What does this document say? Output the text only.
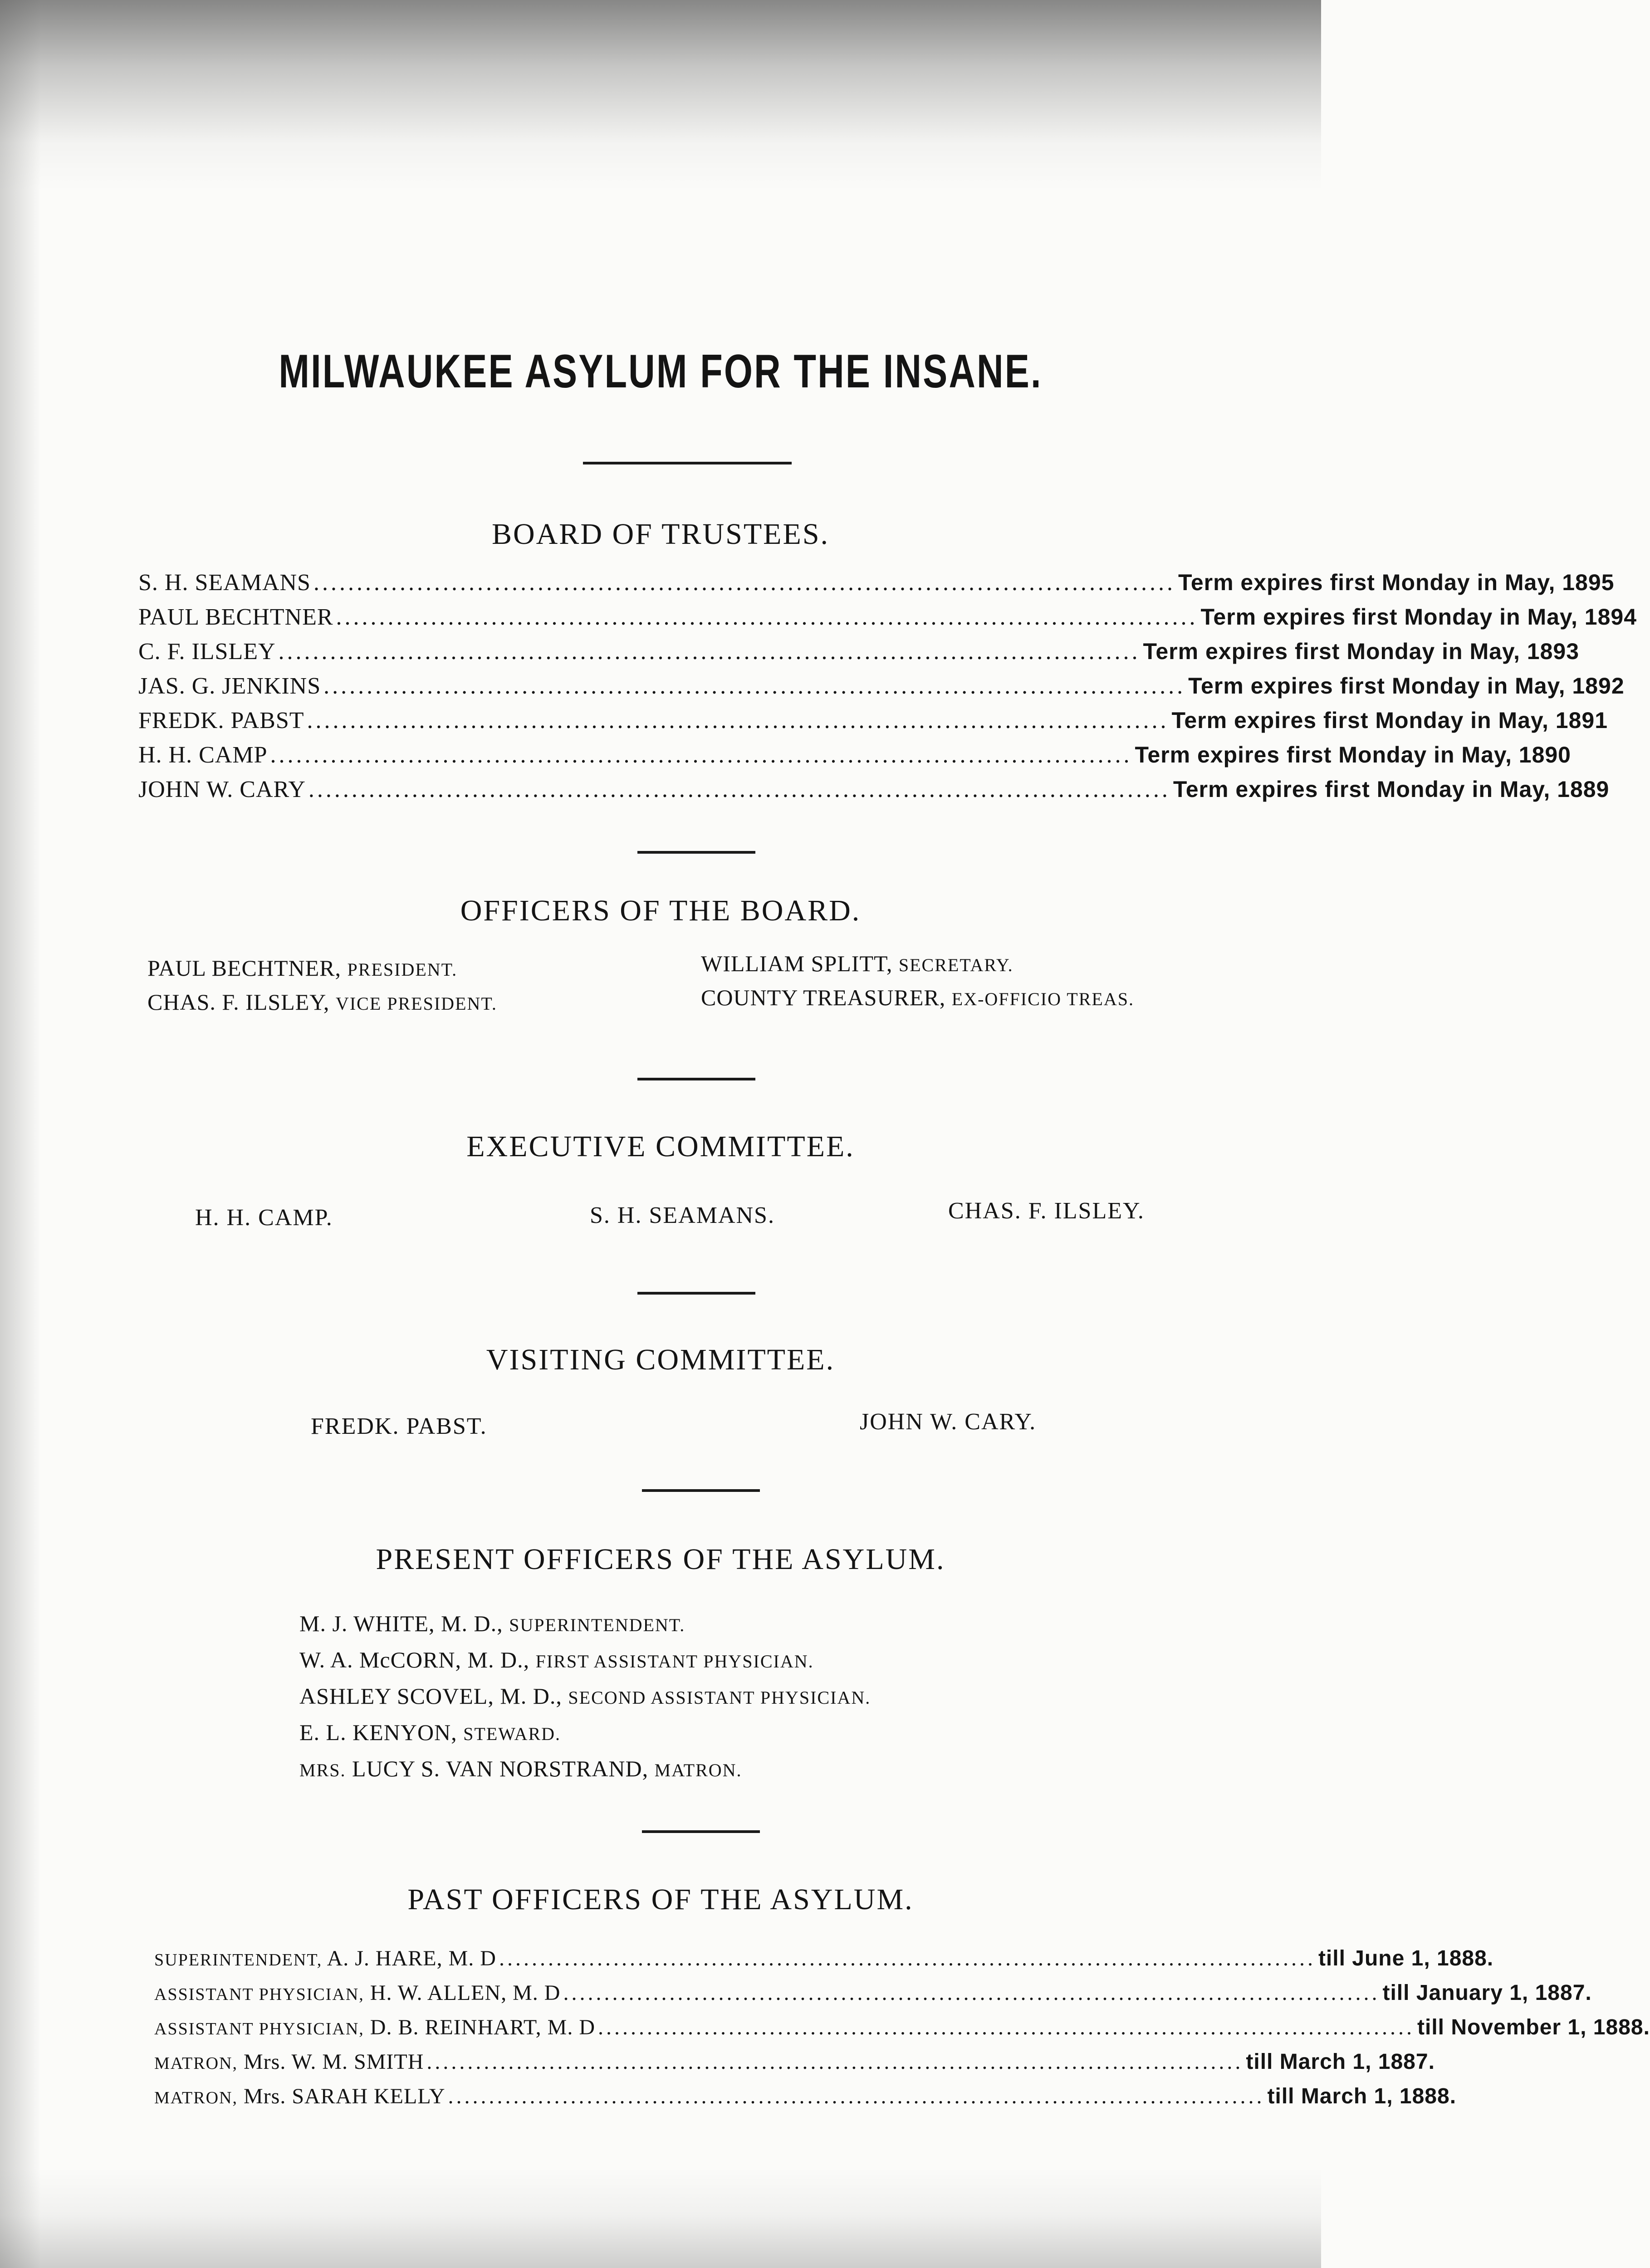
MILWAUKEE ASYLUM FOR THE INSANE.
BOARD OF TRUSTEES.
S. H. SEAMANS .................................................................................................... Term expires first Monday in May, 1895
PAUL BECHTNER .................................................................................................... Term expires first Monday in May, 1894
C. F. ILSLEY .................................................................................................... Term expires first Monday in May, 1893
JAS. G. JENKINS .................................................................................................... Term expires first Monday in May, 1892
FREDK. PABST .................................................................................................... Term expires first Monday in May, 1891
H. H. CAMP .................................................................................................... Term expires first Monday in May, 1890
JOHN W. CARY .................................................................................................... Term expires first Monday in May, 1889
OFFICERS OF THE BOARD.
PAUL BECHTNER, PRESIDENT.
CHAS. F. ILSLEY, VICE PRESIDENT.
WILLIAM SPLITT, SECRETARY.
COUNTY TREASURER, EX-OFFICIO TREAS.
EXECUTIVE COMMITTEE.
H. H. CAMP.	S. H. SEAMANS.	CHAS. F. ILSLEY.
VISITING COMMITTEE.
FREDK. PABST.	JOHN W. CARY.
PRESENT OFFICERS OF THE ASYLUM.
M. J. WHITE, M. D., SUPERINTENDENT.
W. A. McCORN, M. D., FIRST ASSISTANT PHYSICIAN.
ASHLEY SCOVEL, M. D., SECOND ASSISTANT PHYSICIAN.
E. L. KENYON, STEWARD.
MRS. LUCY S. VAN NORSTRAND, MATRON.
PAST OFFICERS OF THE ASYLUM.
SUPERINTENDENT, A. J. HARE, M. D .................................................................................................... till June 1, 1888.
ASSISTANT PHYSICIAN, H. W. ALLEN, M. D .................................................................................................... till January 1, 1887.
ASSISTANT PHYSICIAN, D. B. REINHART, M. D .................................................................................................... till November 1, 1888.
MATRON, Mrs. W. M. SMITH .................................................................................................... till March 1, 1887.
MATRON, Mrs. SARAH KELLY .................................................................................................... till March 1, 1888.
